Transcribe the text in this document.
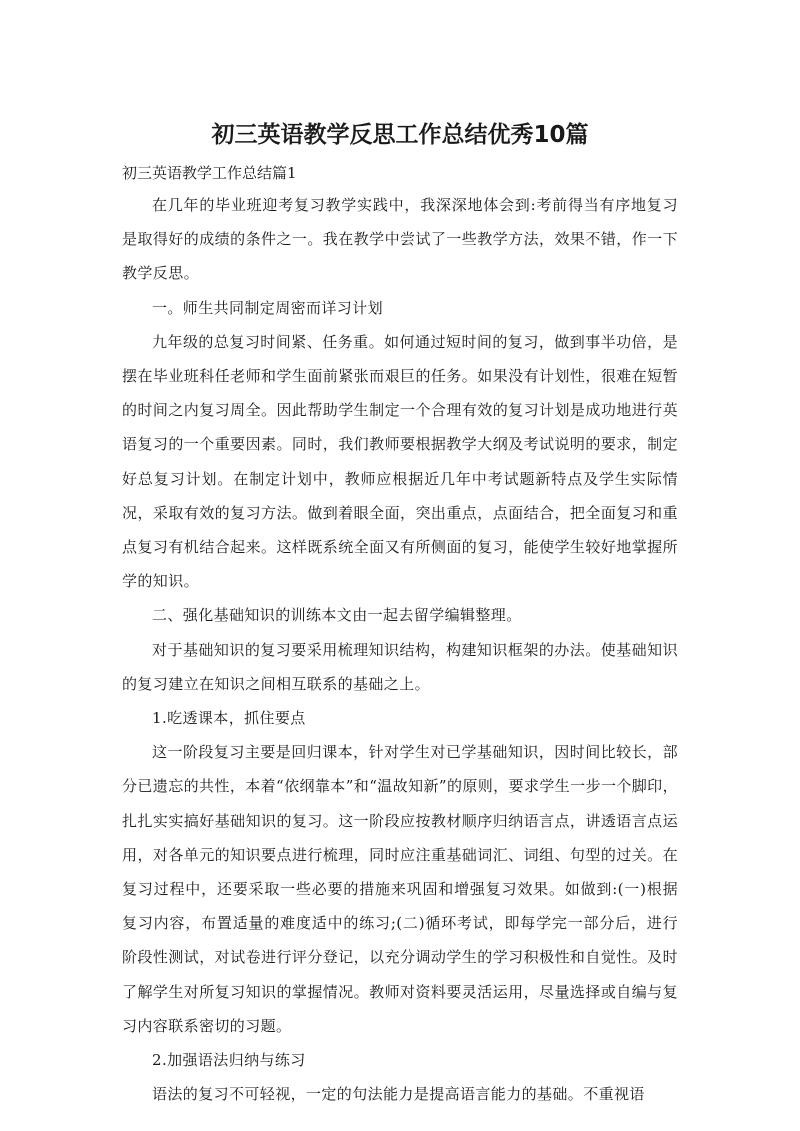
初三英语教学反思工作总结优秀10篇

初三英语教学工作总结篇1

在几年的毕业班迎考复习教学实践中，我深深地体会到:考前得当有序地复习是取得好的成绩的条件之一。我在教学中尝试了一些教学方法，效果不错，作一下教学反思。

一。师生共同制定周密而详习计划

九年级的总复习时间紧、任务重。如何通过短时间的复习，做到事半功倍，是摆在毕业班科任老师和学生面前紧张而艰巨的任务。如果没有计划性，很难在短暂的时间之内复习周全。因此帮助学生制定一个合理有效的复习计划是成功地进行英语复习的一个重要因素。同时，我们教师要根据教学大纲及考试说明的要求，制定好总复习计划。在制定计划中，教师应根据近几年中考试题新特点及学生实际情况，采取有效的复习方法。做到着眼全面，突出重点，点面结合，把全面复习和重点复习有机结合起来。这样既系统全面又有所侧面的复习，能使学生较好地掌握所学的知识。

二、强化基础知识的训练本文由一起去留学编辑整理。

对于基础知识的复习要采用梳理知识结构，构建知识框架的办法。使基础知识的复习建立在知识之间相互联系的基础之上。

1.吃透课本，抓住要点

这一阶段复习主要是回归课本，针对学生对已学基础知识，因时间比较长，部分已遗忘的共性，本着“依纲靠本”和“温故知新”的原则，要求学生一步一个脚印，扎扎实实搞好基础知识的复习。这一阶段应按教材顺序归纳语言点，讲透语言点运用，对各单元的知识要点进行梳理，同时应注重基础词汇、词组、句型的过关。在复习过程中，还要采取一些必要的措施来巩固和增强复习效果。如做到:(一)根据复习内容，布置适量的难度适中的练习;(二)循环考试，即每学完一部分后，进行阶段性测试，对试卷进行评分登记，以充分调动学生的学习积极性和自觉性。及时了解学生对所复习知识的掌握情况。教师对资料要灵活运用，尽量选择或自编与复习内容联系密切的习题。

2.加强语法归纳与练习

语法的复习不可轻视，一定的句法能力是提高语言能力的基础。不重视语
